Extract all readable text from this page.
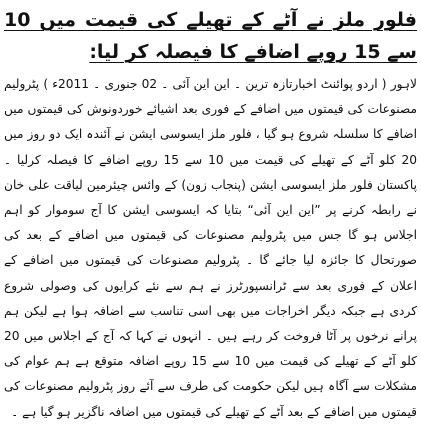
فلور ملز نے آٹے کے تھیلے کی قیمت میں 10 سے 15 روپے اضافے کا فیصلہ کر لیا:

لاہور ( اردو پوائنٹ اخبارتازہ ترین ۔ این این آئی ۔ 02 جنوری ۔ 2011ء ) پٹرولیم مصنوعات کی قیمتوں میں اضافے کے فوری بعد اشیائے خوردونوش کی قیمتوں میں اضافے کا سلسلہ شروع ہو گیا ، فلور ملز ایسوسی ایشن نے آئندہ ایک دو روز میں 20 کلو آٹے کے تھیلے کی قیمت میں 10 سے 15 روپے اضافے کا فیصلہ کرلیا ۔ پاکستان فلور ملز ایسوسی ایشن (پنجاب زون) کے وائس چیئرمین لیاقت علی خان نے رابطہ کرنے پر ”این این آئی“ بتایا کہ ایسوسی ایشن کا آج سوموار کو اہم اجلاس ہو گا جس میں پٹرولیم مصنوعات کی قیمتوں میں اضافے کے بعد کی صورتحال کا جائزہ لیا جائے گا ۔ پٹرولیم مصنوعات کی قیمتوں میں اضافے کے اعلان کے فوری بعد سے ٹرانسپورٹرز نے ہم سے نئے کرایوں کی وصولی شروع کردی ہے جبکہ دیگر اخراجات میں بھی اسی تناسب سے اضافہ ہوا ہے لیکن ہم پرانے نرخوں پر آٹا فروخت کر رہے ہیں ۔ انہوں نے کہا کہ آج کے اجلاس میں 20 کلو آٹے کے تھیلے کی قیمت میں 10 سے 15 روپے اضافہ متوقع ہے ہم عوام کی مشکلات سے آگاہ ہیں لیکن حکومت کی طرف سے آئے روز پٹرولیم مصنوعات کی قیمتوں میں اضافے کے بعد آٹے کے تھیلے کی قیمتوں میں اضافہ ناگزیر ہو گیا ہے ۔
